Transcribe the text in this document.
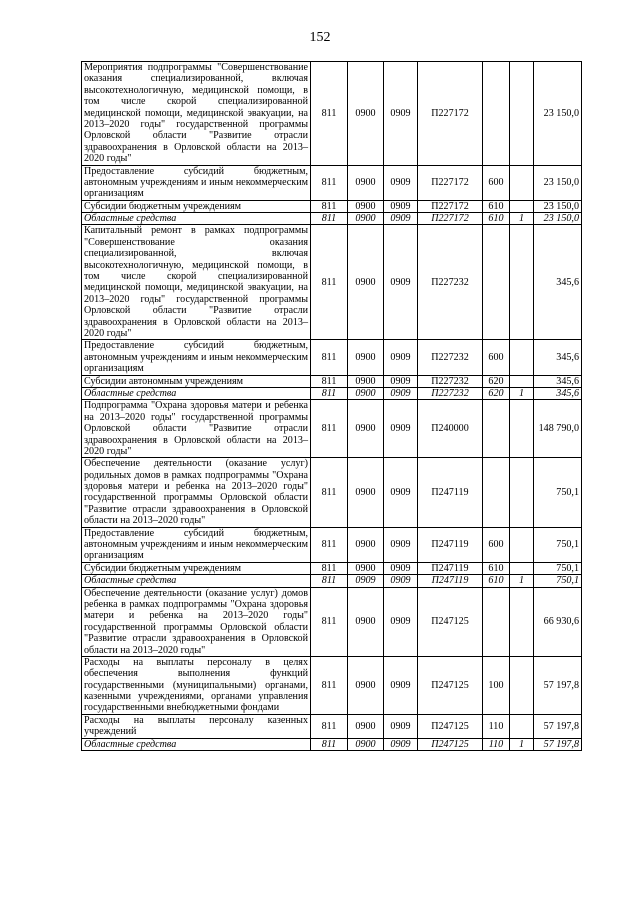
152
Мероприятия подпрограммы "Совершенствование оказания специализированной, включая высокотехнологичную, медицинской помощи, в том числе скорой специализированной медицинской помощи, медицинской эвакуации, на 2013–2020 годы" государственной программы Орловской области "Развитие отрасли здравоохранения в Орловской области на 2013–2020 годы"	811	0900	0909	П227172			23 150,0
Предоставление субсидий бюджетным, автономным учреждениям и иным некоммерческим организациям	811	0900	0909	П227172	600		23 150,0
Субсидии бюджетным учреждениям	811	0900	0909	П227172	610		23 150,0
Областные средства	811	0900	0909	П227172	610	1	23 150,0
Капитальный ремонт в рамках подпрограммы "Совершенствование оказания специализированной, включая высокотехнологичную, медицинской помощи, в том числе скорой специализированной медицинской помощи, медицинской эвакуации, на 2013–2020 годы" государственной программы Орловской области "Развитие отрасли здравоохранения в Орловской области на 2013–2020 годы"	811	0900	0909	П227232			345,6
Предоставление субсидий бюджетным, автономным учреждениям и иным некоммерческим организациям	811	0900	0909	П227232	600		345,6
Субсидии автономным учреждениям	811	0900	0909	П227232	620		345,6
Областные средства	811	0900	0909	П227232	620	1	345,6
Подпрограмма "Охрана здоровья матери и ребенка на 2013–2020 годы" государственной программы Орловской области "Развитие отрасли здравоохранения в Орловской области на 2013–2020 годы"	811	0900	0909	П240000			148 790,0
Обеспечение деятельности (оказание услуг) родильных домов в рамках подпрограммы "Охрана здоровья матери и ребенка на 2013–2020 годы" государственной программы Орловской области "Развитие отрасли здравоохранения в Орловской области на 2013–2020 годы"	811	0900	0909	П247119			750,1
Предоставление субсидий бюджетным, автономным учреждениям и иным некоммерческим организациям	811	0900	0909	П247119	600		750,1
Субсидии бюджетным учреждениям	811	0900	0909	П247119	610		750,1
Областные средства	811	0909	0909	П247119	610	1	750,1
Обеспечение деятельности (оказание услуг) домов ребенка в рамках подпрограммы "Охрана здоровья матери и ребенка на 2013–2020 годы" государственной программы Орловской области "Развитие отрасли здравоохранения в Орловской области на 2013–2020 годы"	811	0900	0909	П247125			66 930,6
Расходы на выплаты персоналу в целях обеспечения выполнения функций государственными (муниципальными) органами, казенными учреждениями, органами управления государственными внебюджетными фондами	811	0900	0909	П247125	100		57 197,8
Расходы на выплаты персоналу казенных учреждений	811	0900	0909	П247125	110		57 197,8
Областные средства	811	0900	0909	П247125	110	1	57 197,8
